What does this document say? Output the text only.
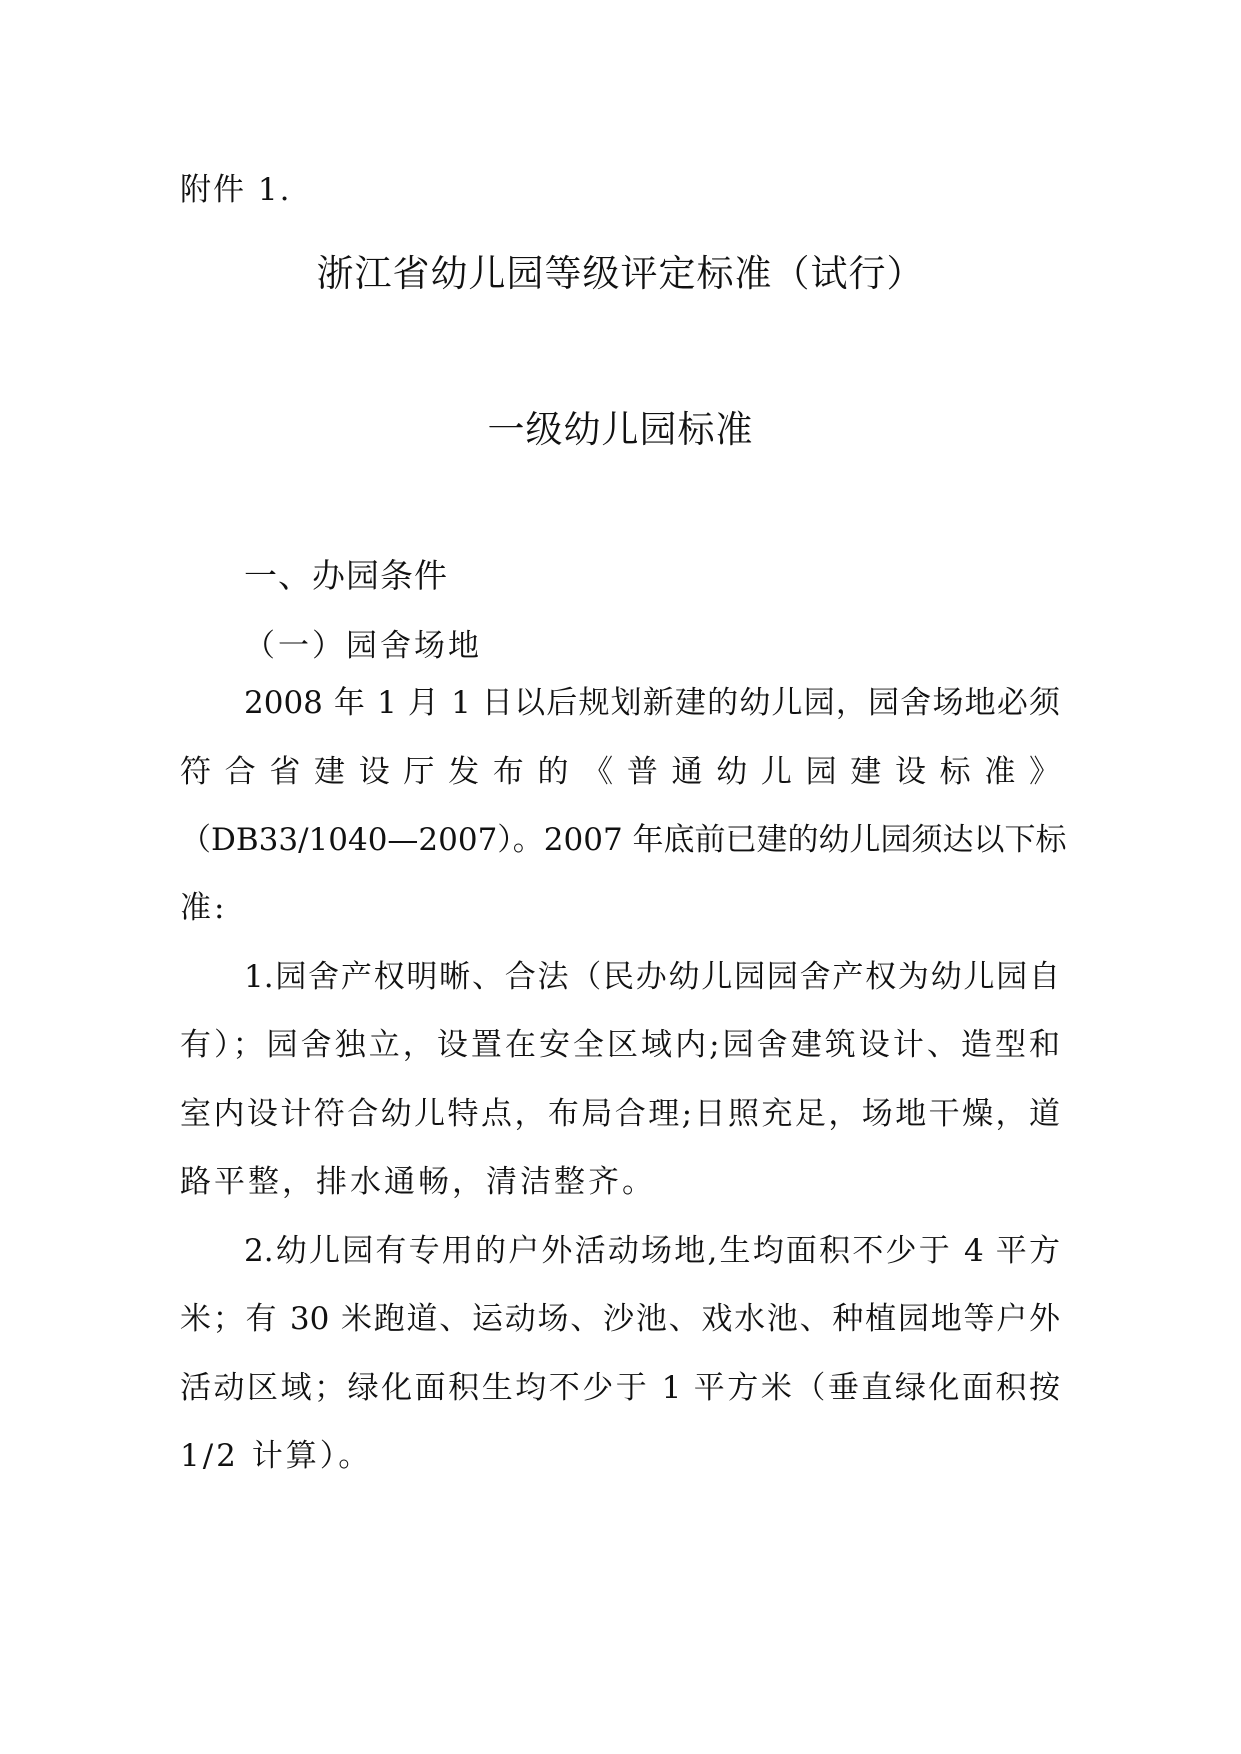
附件 1.

浙江省幼儿园等级评定标准（试行）
一级幼儿园标准
一、办园条件

（一）园舍场地

2008 年 1 月 1 日以后规划新建的幼儿园，园舍场地必须

符合省建设厅发布的《普通幼儿园建设标准》

（DB33/1040—2007）。2007 年底前已建的幼儿园须达以下标

准:

1.园舍产权明晰、合法（民办幼儿园园舍产权为幼儿园自

有）；园舍独立，设置在安全区域内;园舍建筑设计、造型和

室内设计符合幼儿特点，布局合理;日照充足，场地干燥，道

路平整，排水通畅，清洁整齐。

2.幼儿园有专用的户外活动场地,生均面积不少于 4 平方

米；有 30 米跑道、运动场、沙池、戏水池、种植园地等户外

活动区域；绿化面积生均不少于 1 平方米（垂直绿化面积按

1/2 计算）。
